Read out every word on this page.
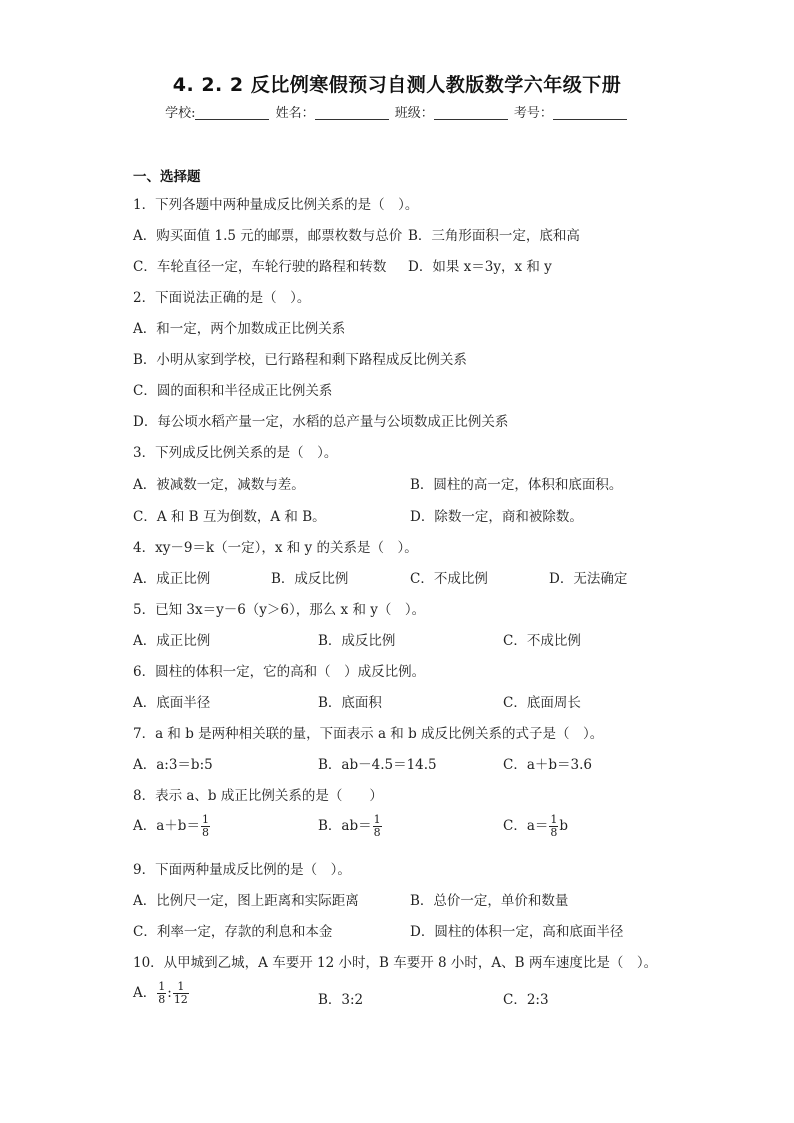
4. 2. 2 反比例寒假预习自测人教版数学六年级下册
学校:	姓名：	班级：	考号：
一、选择题
1．下列各题中两种量成反比例关系的是（　）。
A．购买面值 1.5 元的邮票，邮票枚数与总价 B．三角形面积一定，底和高
C．车轮直径一定，车轮行驶的路程和转数 D．如果 x＝3y，x 和 y
2．下面说法正确的是（　）。
A．和一定，两个加数成正比例关系
B．小明从家到学校，已行路程和剩下路程成反比例关系
C．圆的面积和半径成正比例关系
D．每公顷水稻产量一定，水稻的总产量与公顷数成正比例关系
3．下列成反比例关系的是（　）。
A．被减数一定，减数与差。	B．圆柱的高一定，体积和底面积。
C．A 和 B 互为倒数，A 和 B。	D．除数一定，商和被除数。
4．xy－9＝k（一定），x 和 y 的关系是（　）。
A．成正比例	B．成反比例	C．不成比例	D．无法确定
5．已知 3x＝y－6（y＞6），那么 x 和 y（　）。
A．成正比例	B．成反比例	C．不成比例
6．圆柱的体积一定，它的高和（　）成反比例。
A．底面半径	B．底面积	C．底面周长
7．a 和 b 是两种相关联的量，下面表示 a 和 b 成反比例关系的式子是（　）。
A．a:3＝b:5	B．ab－4.5＝14.5	C．a＋b＝3.6
8．表示 a、b 成正比例关系的是（　　）
A．$a+b= \frac{1}{8}$	B．$ab= \frac{1}{8}$	C．$a= \frac{1}{8}$ b
9．下面两种量成反比例的是（　）。
A．比例尺一定，图上距离和实际距离	B．总价一定，单价和数量
C．利率一定，存款的利息和本金	D．圆柱的体积一定，高和底面半径
10．从甲城到乙城，A 车要开 12 小时，B 车要开 8 小时，A、B 两车速度比是（　）。
A． $\frac{1}{8}$ : $\frac{1}{12}$	B．3:2	C．2:3
